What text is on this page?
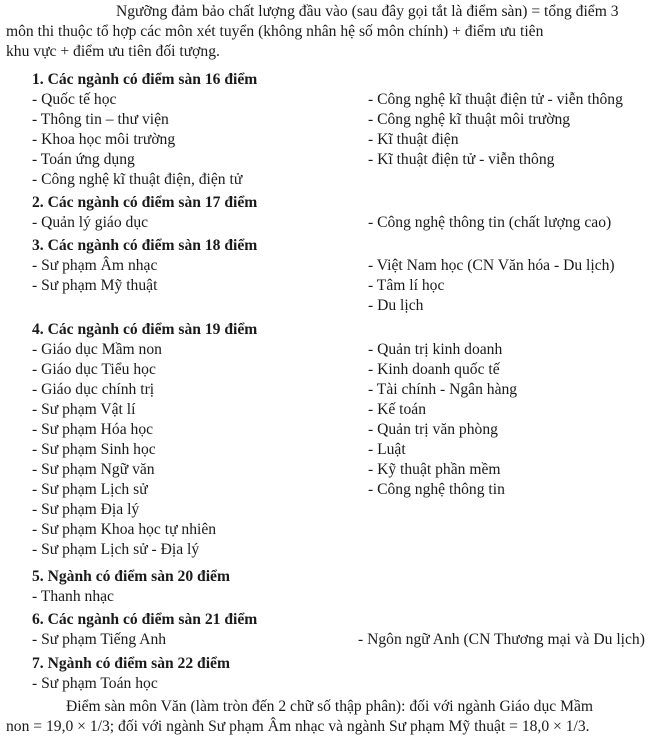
Ngưỡng đảm bảo chất lượng đầu vào (sau đây gọi tắt là điểm sàn) = tổng điểm 3
môn thi thuộc tổ hợp các môn xét tuyển (không nhân hệ số môn chính) + điểm ưu tiên
khu vực + điểm ưu tiên đối tượng.
1. Các ngành có điểm sàn 16 điểm
- Quốc tế học
- Thông tin – thư viện
- Khoa học môi trường
- Toán ứng dụng
- Công nghệ kĩ thuật điện, điện tử
- Công nghệ kĩ thuật điện tử - viễn thông
- Công nghệ kĩ thuật môi trường
- Kĩ thuật điện
- Kĩ thuật điện tử - viễn thông
2. Các ngành có điểm sàn 17 điểm
- Quản lý giáo dục	- Công nghệ thông tin (chất lượng cao)
3. Các ngành có điểm sàn 18 điểm
- Sư phạm Âm nhạc
- Sư phạm Mỹ thuật
- Việt Nam học (CN Văn hóa - Du lịch)
- Tâm lí học
- Du lịch
4. Các ngành có điểm sàn 19 điểm
- Giáo dục Mầm non
- Giáo dục Tiểu học
- Giáo dục chính trị
- Sư phạm Vật lí
- Sư phạm Hóa học
- Sư phạm Sinh học
- Sư phạm Ngữ văn
- Sư phạm Lịch sử
- Sư phạm Địa lý
- Sư phạm Khoa học tự nhiên
- Sư phạm Lịch sử - Địa lý
- Quản trị kinh doanh
- Kinh doanh quốc tế
- Tài chính - Ngân hàng
- Kế toán
- Quản trị văn phòng
- Luật
- Kỹ thuật phần mềm
- Công nghệ thông tin
5. Ngành có điểm sàn 20 điểm
- Thanh nhạc
6. Các ngành có điểm sàn 21 điểm
- Sư phạm Tiếng Anh	- Ngôn ngữ Anh (CN Thương mại và Du lịch)
7. Ngành có điểm sàn 22 điểm
- Sư phạm Toán học
Điểm sàn môn Văn (làm tròn đến 2 chữ số thập phân): đối với ngành Giáo dục Mầm
non = 19,0 × 1/3; đối với ngành Sư phạm Âm nhạc và ngành Sư phạm Mỹ thuật = 18,0 × 1/3.
